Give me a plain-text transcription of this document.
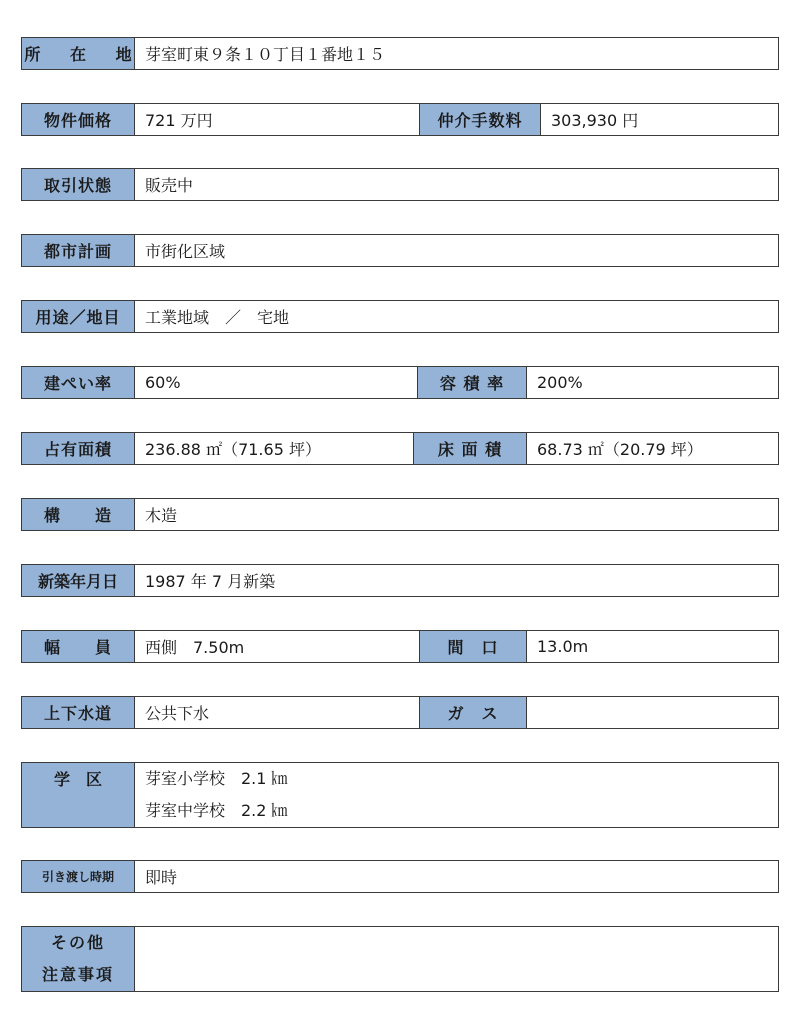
所 在 地 芽室町東９条１０丁目１番地１５
物件価格	721 万円	仲介手数料	303,930 円
取引状態	販売中
都市計画	市街化区域
用途／地目	工業地域　／　宅地
建ぺい率	60%	容 積 率	200%
占有面積	236.88 ㎡（71.65 坪）	床 面 積	68.73 ㎡（20.79 坪）
構　　造	木造
新築年月日	1987 年 7 月新築
幅　　員	西側　7.50m	間　口	13.0m
上下水道	公共下水	ガ　ス
学　区	芽室小学校　2.1 ㎞
芽室中学校　2.2 ㎞
引き渡し時期	即時
その他
注意事項
